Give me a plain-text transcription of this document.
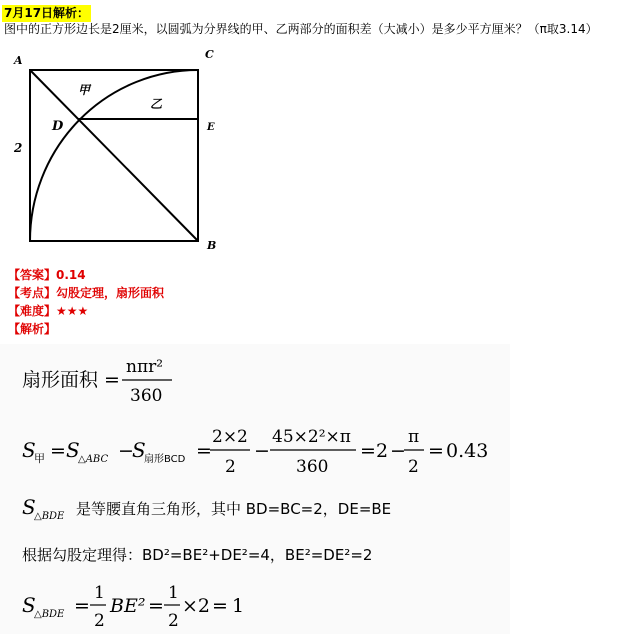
7月17日解析：
图中的正方形边长是2厘米，以圆弧为分界线的甲、乙两部分的面积差（大减小）是多少平方厘米？（π取3.14）
A	C
B
D	E
2
甲
乙
【答案】0.14
【考点】勾股定理，扇形面积
【难度】★★★
【解析】
扇形面积 =
nπr²
360
S
甲 = S
△ABC −
S
扇形BCD =
2×2
2
−
45×2²×π
360
= 2 −
π
2
= 0.43
S
△BDE 是等腰直角三角形，其中 BD=BC=2，DE=BE
根据勾股定理得：BD²=BE²+DE²=4，BE²=DE²=2
S
△BDE =
1
2
BE² =
1
2
×2 = 1
